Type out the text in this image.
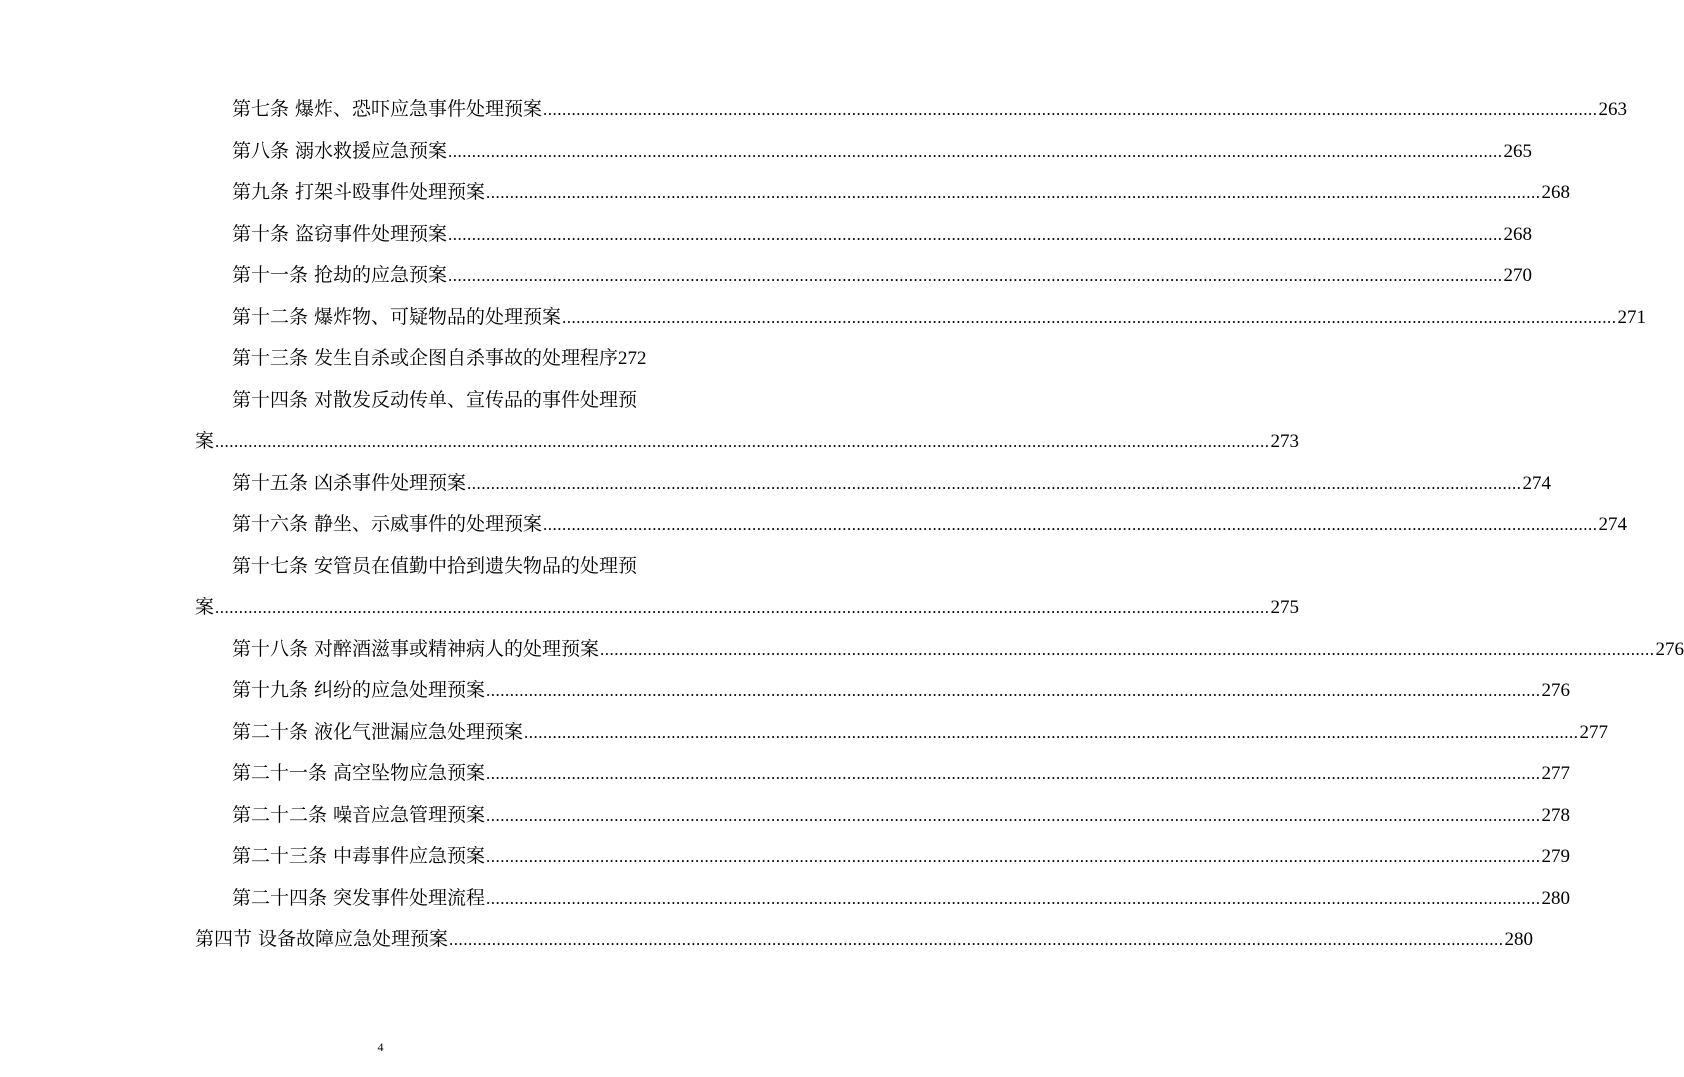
第七条 爆炸、恐吓应急事件处理预案 .....	263
第八条 溺水救援应急预案 .....	265
第九条 打架斗殴事件处理预案 .....	268
第十条 盗窃事件处理预案 .....	268
第十一条 抢劫的应急预案 .....	270
第十二条 爆炸物、可疑物品的处理预案 .....	271
第十三条 发生自杀或企图自杀事故的处理程序 272
第十四条 对散发反动传单、宣传品的事件处理预
案 .....	273
第十五条 凶杀事件处理预案 .....	274
第十六条 静坐、示威事件的处理预案 .....	274
第十七条 安管员在值勤中拾到遗失物品的处理预
案 .....	275
第十八条 对醉酒滋事或精神病人的处理预案 .....	276
第十九条 纠纷的应急处理预案 .....	276
第二十条 液化气泄漏应急处理预案 .....	277
第二十一条 高空坠物应急预案 .....	277
第二十二条 噪音应急管理预案 .....	278
第二十三条 中毒事件应急预案 .....	279
第二十四条 突发事件处理流程 .....	280
第四节 设备故障应急处理预案 .....	280
4
